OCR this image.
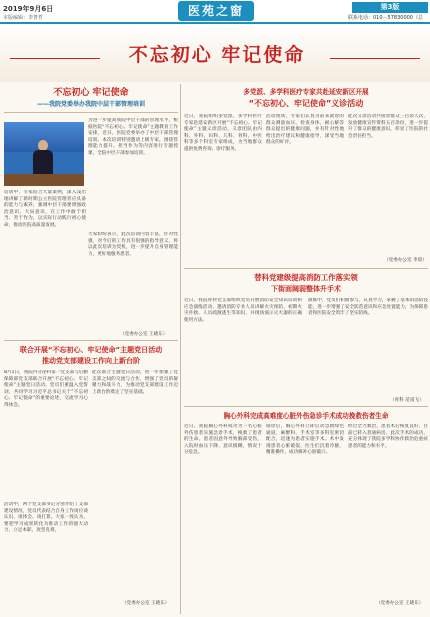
2019年9月6日
本版编辑：李菁哲	医苑之窗	第3版
联系电话：010－57830000（总
不忘初心 牢记使命
不忘初心 牢记使命
——我院党委举办我院中层干部管理培训
为进一步提高我院中层干部的管理水平，根据医院“不忘初心、牢记使命”主题教育工作安排，近日，医院党委举办了中层干部管理培训。本次培训特别邀请上级专家，围绕管理能力提升、担当作为等内容进行专题授课，全院中层干部参加培训。
培训中，专家结合大量案例，深入浅出地讲解了新时期公立医院管理者应具备的能力与素养，强调中层干部要增强政治意识、大局意识，在工作中敢于担当、善于作为，以实际行动践行初心使命，推动医院高质量发展。
大家纷纷表示，此次培训内容丰富，针对性强，对今后的工作具有很强的指导意义，将以此次培训为契机，进一步提升自身管理能力，更好地服务患者。
（党委办公室 王晓东）
联合开展“不忘初心、牢记使命”主题党日活动
推动党支部建设工作向上新台阶
8月1日，我院内分泌科第一党支部与后勤保障部党支部联合开展“不忘初心、牢记使命”主题党日活动。党员们重温入党誓词，共同学习习近平总书记关于“不忘初心、牢记使命”的重要论述，交流学习心得体会。
活动中，两个党支部书记分别介绍了支部建设情况，党员代表结合自身工作岗位谈认识、谈体会、谈打算。大家一致认为，要把学习成果转化为推动工作的强大动力，立足本职，攻坚克难。
此次联合主题党日活动，进一步加强了党支部之间的交流与合作，增强了党员的凝聚力和战斗力，为推动党支部建设工作迈上新台阶奠定了坚实基础。
（党委办公室 王晓东）
多党派、多学科医疗专家共赴延安新区开展
“不忘初心、牢记使命”义诊活动
近日，我院组织多党派、多学科医疗专家赴延安新区开展“不忘初心、牢记使命”主题义诊活动。义诊团队由内科、外科、妇科、儿科、骨科、中医科等多个科室专家组成，为当地群众提供免费咨询、诊疗服务。
活动现场，专家们认真为前来就诊的群众测量血压、检查身体，耐心解答群众提出的健康问题，并有针对性地给出治疗建议和健康指导，深受当地群众的好评。
此次义诊活动共接诊群众三百余人次，发放健康宣传资料五百余份，进一步提升了群众的健康意识，彰显了医院的社会责任担当。
（党委办公室 李晨）
替科党建级提高消防工作落实领
下街面阔弱整体升手术
近日，我院骨科党支部组织党员开展消防安全知识培训和应急演练活动，邀请消防专业人员讲解火灾预防、初期火灾扑救、人员疏散逃生等知识，并现场演示灭火器的正确使用方法。
演练中，党员们积极参与，认真学习，掌握了基本的消防技能，进一步增强了安全防范意识和应急处置能力，为保障患者和医院安全筑牢了坚实防线。
（骨科 范南飞）
胸心外科完成高难度心脏外伤急诊手术成功挽救伤者生命
近日，我院胸心外科成功为一名心脏外伤患者实施急诊手术，挽救了患者的生命。患者因意外导致胸部受伤，入院时血压下降、意识模糊，情况十分危急。
接诊后，胸心外科立即启动急救绿色通道，麻醉科、手术室等多科室密切配合，迅速为患者实施手术。术中发现患者心脏破裂，医生们沉着冷静，精准操作，成功修补心脏破口。
经过全力救治，患者术后恢复良好，目前已转入普通病房。此次手术的成功，充分体现了我院多学科协作救治危重症患者的能力和水平。
（党委办公室 王晓东）
